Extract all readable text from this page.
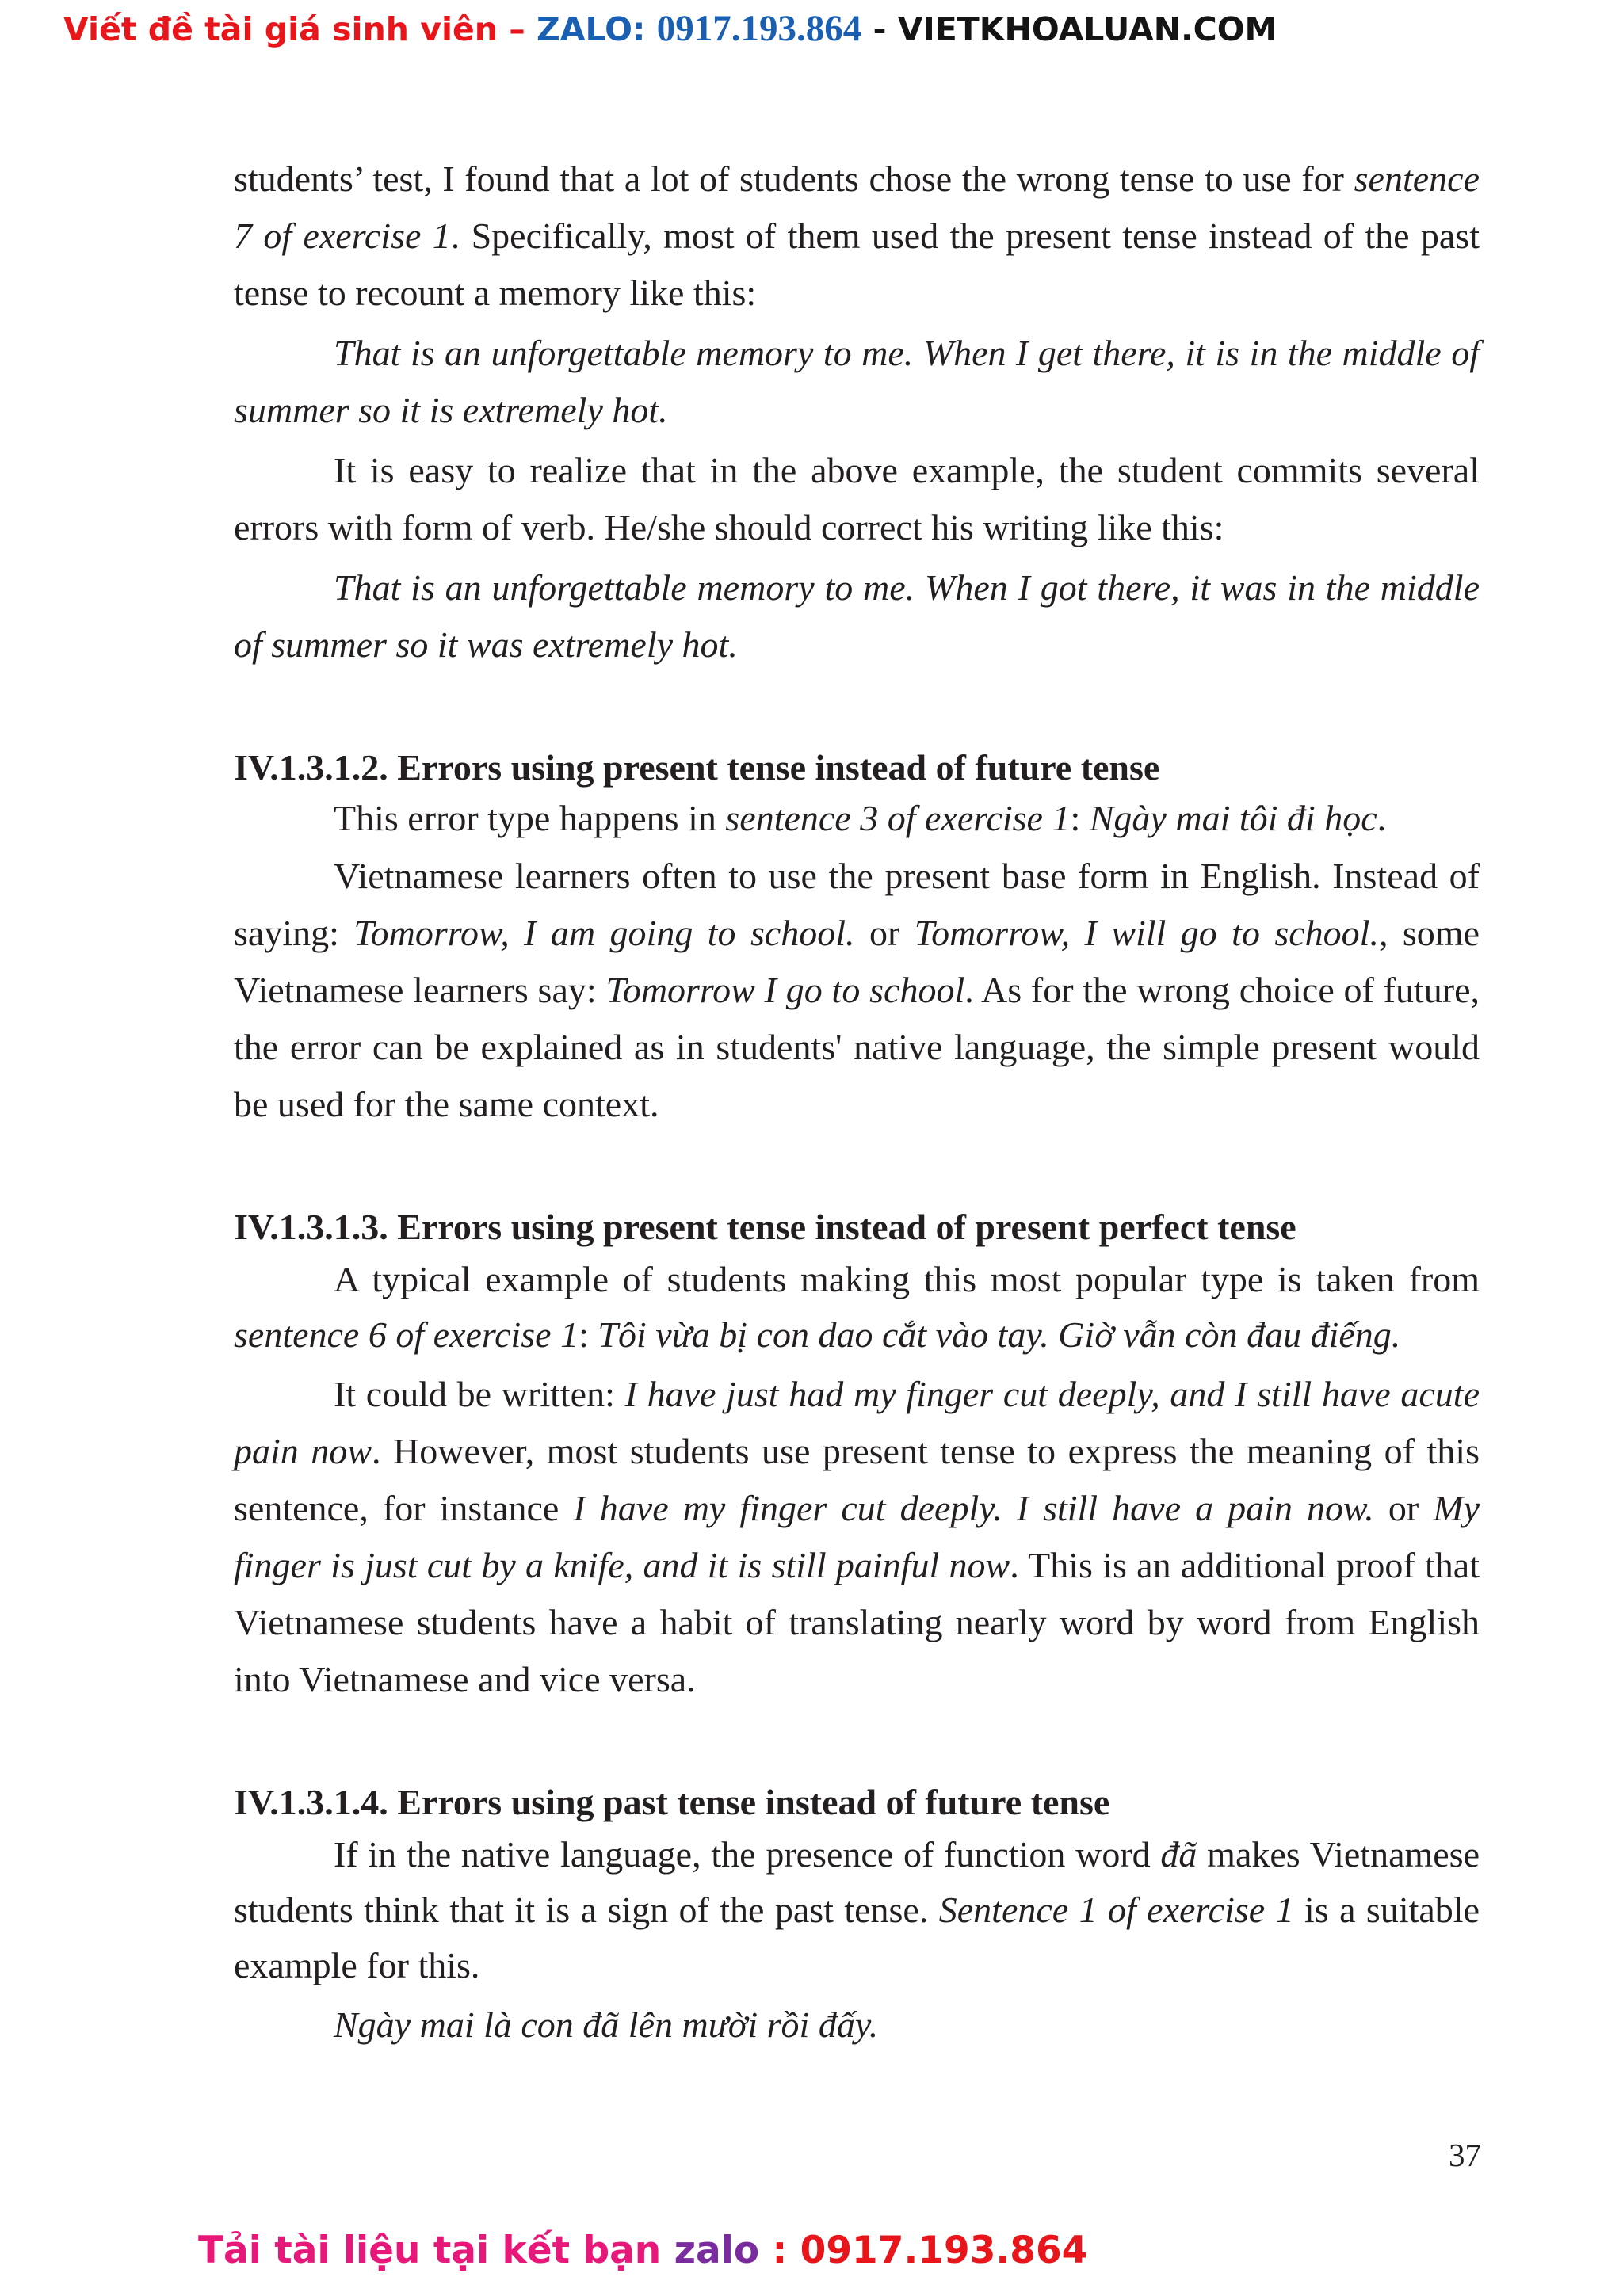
Viết đề tài giá sinh viên – ZALO: 0917.193.864 - VIETKHOALUAN.COM

students’ test, I found that a lot of students chose the wrong tense to use for sentence 7 of exercise 1. Specifically, most of them used the present tense instead of the past tense to recount a memory like this:

That is an unforgettable memory to me. When I get there, it is in the middle of summer so it is extremely hot.

It is easy to realize that in the above example, the student commits several errors with form of verb. He/she should correct his writing like this:

That is an unforgettable memory to me. When I got there, it was in the middle of summer so it was extremely hot.

IV.1.3.1.2. Errors using present tense instead of future tense

This error type happens in sentence 3 of exercise 1: Ngày mai tôi đi học.

Vietnamese learners often to use the present base form in English. Instead of saying: Tomorrow, I am going to school. or Tomorrow, I will go to school., some Vietnamese learners say: Tomorrow I go to school. As for the wrong choice of future, the error can be explained as in students' native language, the simple present would be used for the same context.

IV.1.3.1.3. Errors using present tense instead of present perfect tense

A typical example of students making this most popular type is taken from sentence 6 of exercise 1: Tôi vừa bị con dao cắt vào tay. Giờ vẫn còn đau điếng.

It could be written: I have just had my finger cut deeply, and I still have acute pain now. However, most students use present tense to express the meaning of this sentence, for instance I have my finger cut deeply. I still have a pain now. or My finger is just cut by a knife, and it is still painful now. This is an additional proof that Vietnamese students have a habit of translating nearly word by word from English into Vietnamese and vice versa.

IV.1.3.1.4. Errors using past tense instead of future tense

If in the native language, the presence of function word đã makes Vietnamese students think that it is a sign of the past tense. Sentence 1 of exercise 1 is a suitable example for this.

Ngày mai là con đã lên mười rồi đấy.

37
Tải tài liệu tại kết bạn zalo : 0917.193.864
